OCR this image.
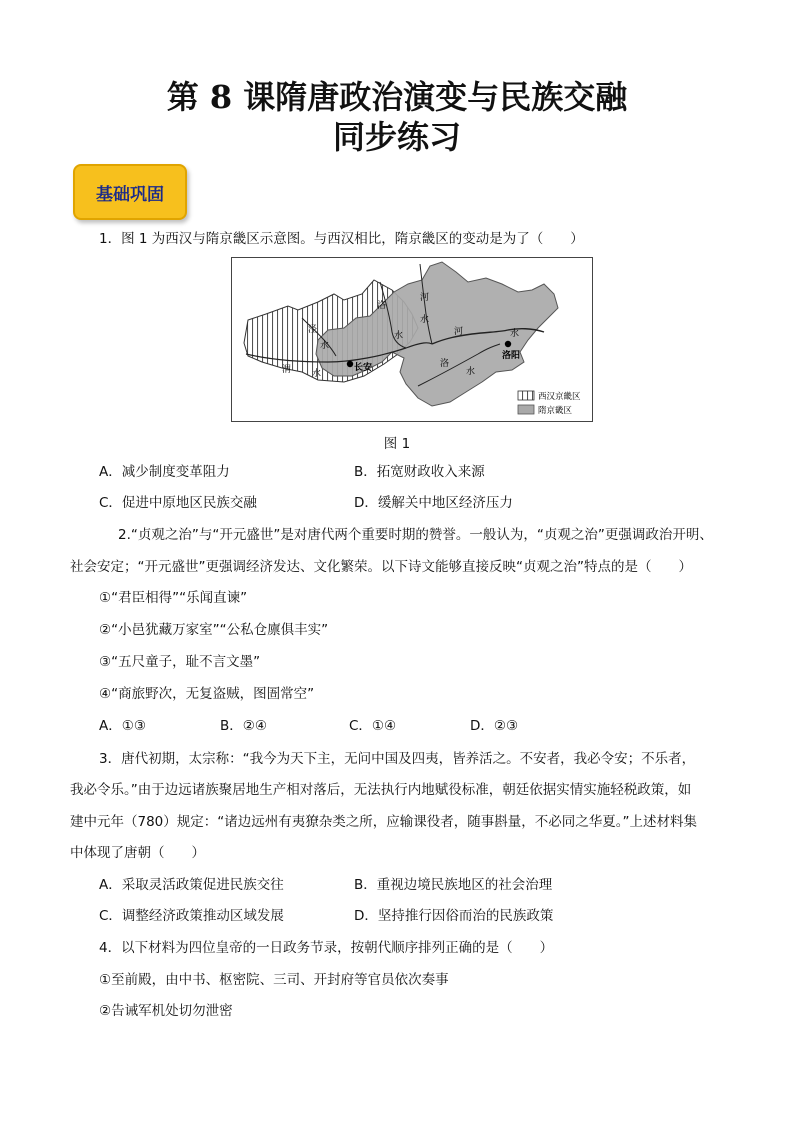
第 8 课隋唐政治演变与民族交融
同步练习
基础巩固
1．图 1 为西汉与隋京畿区示意图。与西汉相比，隋京畿区的变动是为了（　　）
河
洛
水
泾
水
渭 水
水
河	水
洛
水
长安
洛阳
西汉京畿区
隋京畿区
图 1
A．减少制度变革阻力	B．拓宽财政收入来源
C．促进中原地区民族交融	D．缓解关中地区经济压力
2.“贞观之治”与“开元盛世”是对唐代两个重要时期的赞誉。一般认为，“贞观之治”更强调政治开明、
社会安定；“开元盛世”更强调经济发达、文化繁荣。以下诗文能够直接反映“贞观之治”特点的是（　　）
①“君臣相得”“乐闻直谏”
②“小邑犹藏万家室”“公私仓廪俱丰实”
③“五尺童子，耻不言文墨”
④“商旅野次，无复盗贼，图圄常空”
A．①③	B．②④	C．①④	D．②③
3．唐代初期，太宗称：“我今为天下主，无问中国及四夷，皆养活之。不安者，我必令安；不乐者，
我必令乐。”由于边远诸族聚居地生产相对落后，无法执行内地赋役标准，朝廷依据实情实施轻税政策，如
建中元年（780）规定：“诸边远州有夷獠杂类之所，应输课役者，随事斟量，不必同之华夏。”上述材料集
中体现了唐朝（　　）
A．采取灵活政策促进民族交往	B．重视边境民族地区的社会治理
C．调整经济政策推动区域发展	D．坚持推行因俗而治的民族政策
4．以下材料为四位皇帝的一日政务节录，按朝代顺序排列正确的是（　　）
①至前殿，由中书、枢密院、三司、开封府等官员依次奏事
②告诫军机处切勿泄密
